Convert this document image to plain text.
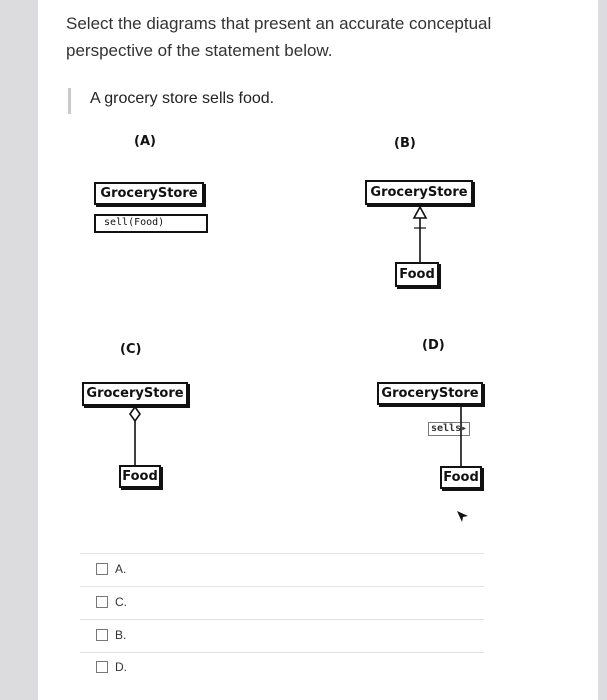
Select the diagrams that present an accurate conceptual perspective of the statement below.
A grocery store sells food.
(A)
GroceryStore
sell(Food)
(B)
GroceryStore
Food
(C)
GroceryStore
Food
(D)
GroceryStore
sells▸
Food
A.
C.
B.
D.
